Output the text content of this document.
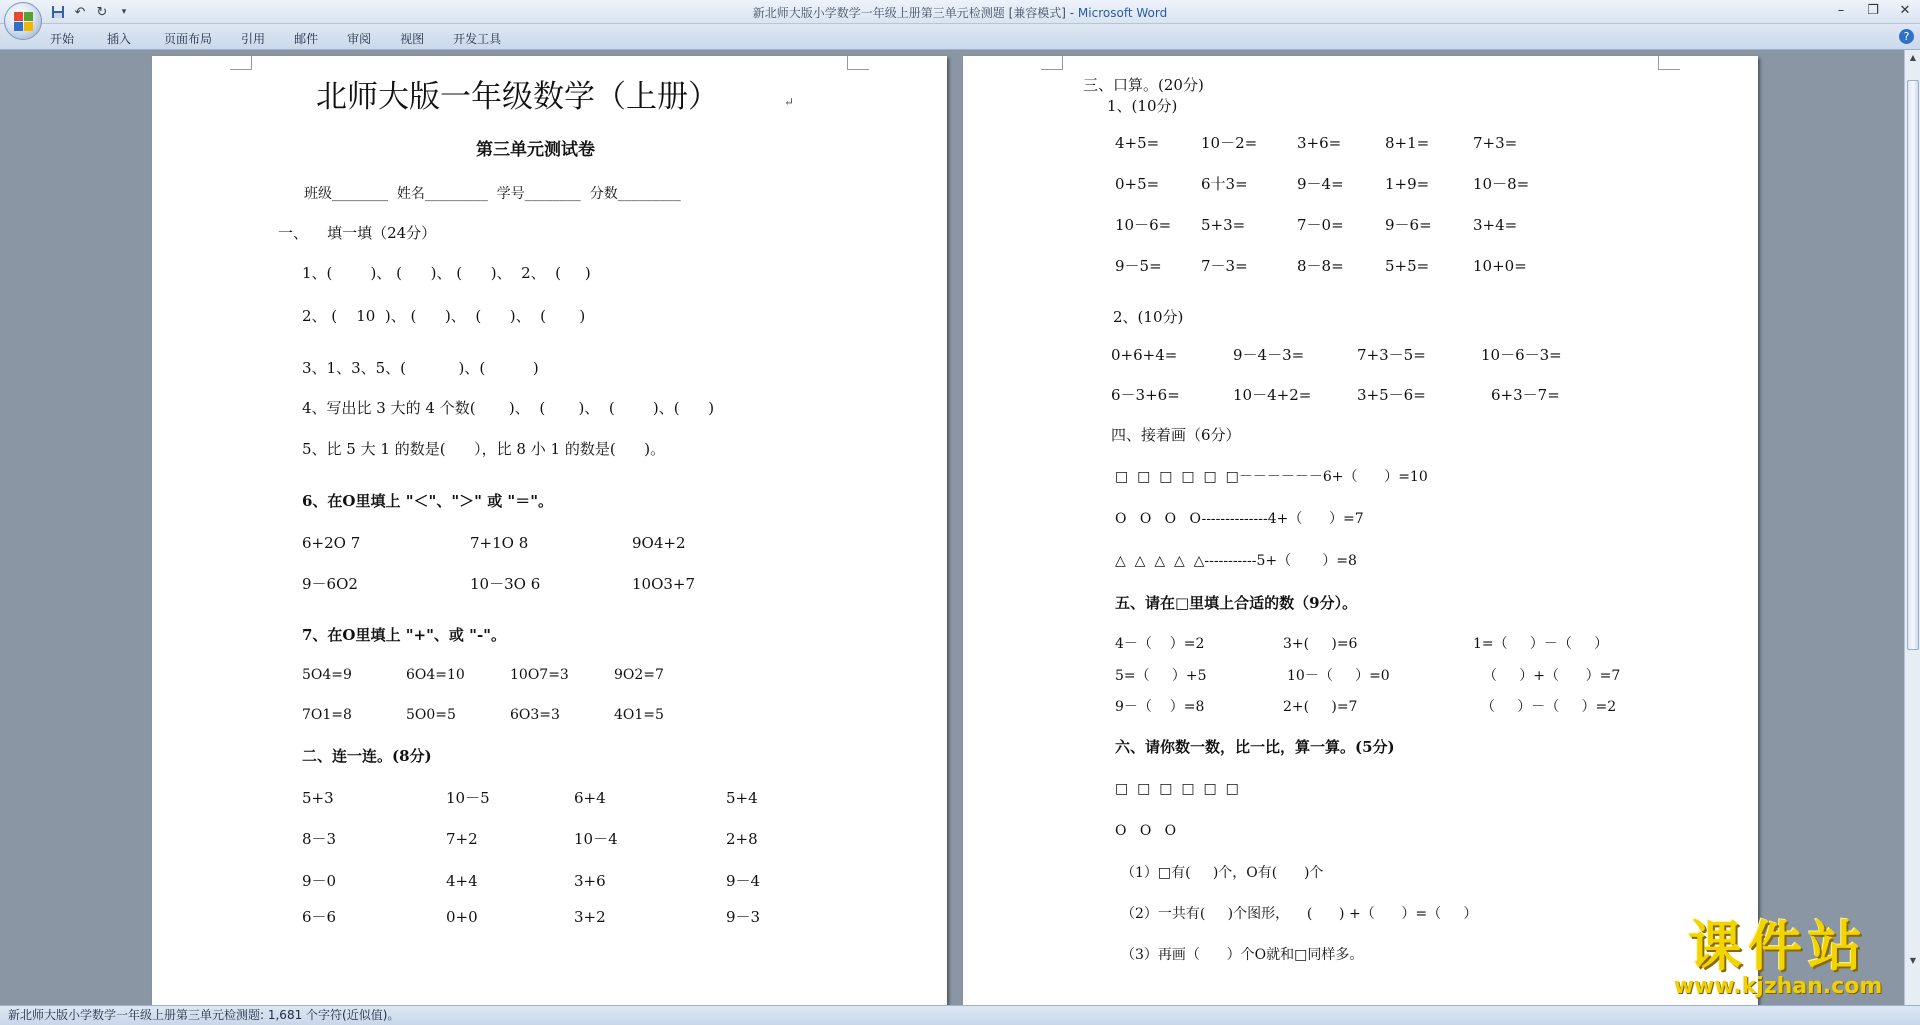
↶ ↻	▾	新北师大版小学数学一年级上册第三单元检测题 [兼容模式] - Microsoft Word	–	❐ ✕
开始	插入	页面布局 引用 邮件 审阅 视图 开发工具	?
北师大版一年级数学（上册）	↵
第三单元测试卷
班级________  姓名_________  学号________  分数_________
一、    填一填（24分）
1、(        )、 (      )、 (      )、  2、  (     )
2、 (    10  )、 (      )、  (      )、  (       )
3、1、3、5、(           )、(          )
4、写出比 3 大的 4 个数(       )、  (       )、  (        )、(      )
5、比 5 大 1 的数是(      ），比 8 小 1 的数是(      )。
6、在O里填上 "＜"、"＞" 或 "＝"。
6+2O 7	7+1O 8	9O4+2
9－6O2	10－3O 6	10O3+7
7、在O里填上 "+"、或 "-"。
5O4=9	6O4=10	10O7=3	9O2=7
7O1=8	5O0=5	6O3=3	4O1=5
二、连一连。(8分)
5+3	10－5	6+4	5+4
8－3	7+2	10－4	2+8
9－0	4+4	3+6	9－4
6－6	0+0	3+2	9－3
三、口算。(20分)
1、(10分)
4+5=	10－2=	3+6=	8+1=	7+3=
0+5=	6十3=	9－4=	1+9=	10－8=
10－6= 5+3=	7－0=	9－6=	3+4=
9－5=	7－3=	8－8=	5+5=	10+0=
2、(10分)
0+6+4=	9－4－3=	7+3－5=	10－6－3=
6－3+6=	10－4+2=	3+5－6=	6+3－7=
四、接着画（6分）
□  □  □  □  □  □－－－－－－6+（      ）=10
O   O   O   O--------------4+（      ）=7
△  △  △  △  △-----------5+（       ）=8
五、请在□里填上合适的数（9分）。
4－（    ）=2	3+(     )=6	1=（     ）－（     ）
5=（     ）+5	10－（     ）=0	（     ）+（      ）=7
9－（    ）=8	2+(     )=7	（     ）－（     ）=2
六、请你数一数，比一比，算一算。(5分)
□  □  □  □  □  □
O   O   O
（1）□有(     )个，O有(      )个
（2）一共有(     )个图形，    (      ) +（      ）=（     ）
（3）再画（      ）个O就和□同样多。
▲
▼
新北师大版小学数学一年级上册第三单元检测题: 1,681 个字符(近似值)。
课件站
www.kjzhan.com
